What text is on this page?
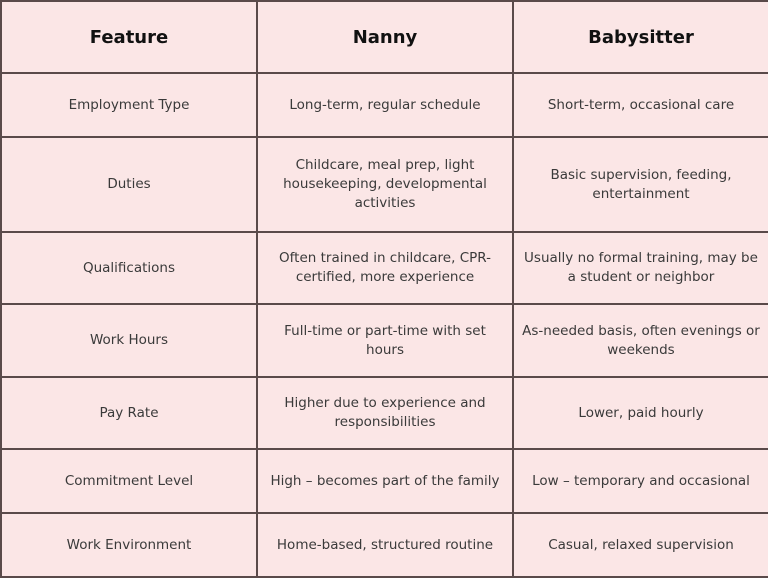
Feature	Nanny	Babysitter
Employment Type	Long-term, regular schedule	Short-term, occasional care
Duties	Childcare, meal prep, light housekeeping, developmental activities	Basic supervision, feeding, entertainment
Qualifications	Often trained in childcare, CPR-certified, more experience	Usually no formal training, may be a student or neighbor
Work Hours	Full-time or part-time with set hours	As-needed basis, often evenings or weekends
Pay Rate	Higher due to experience and responsibilities	Lower, paid hourly
Commitment Level	High – becomes part of the family	Low – temporary and occasional
Work Environment	Home-based, structured routine	Casual, relaxed supervision
